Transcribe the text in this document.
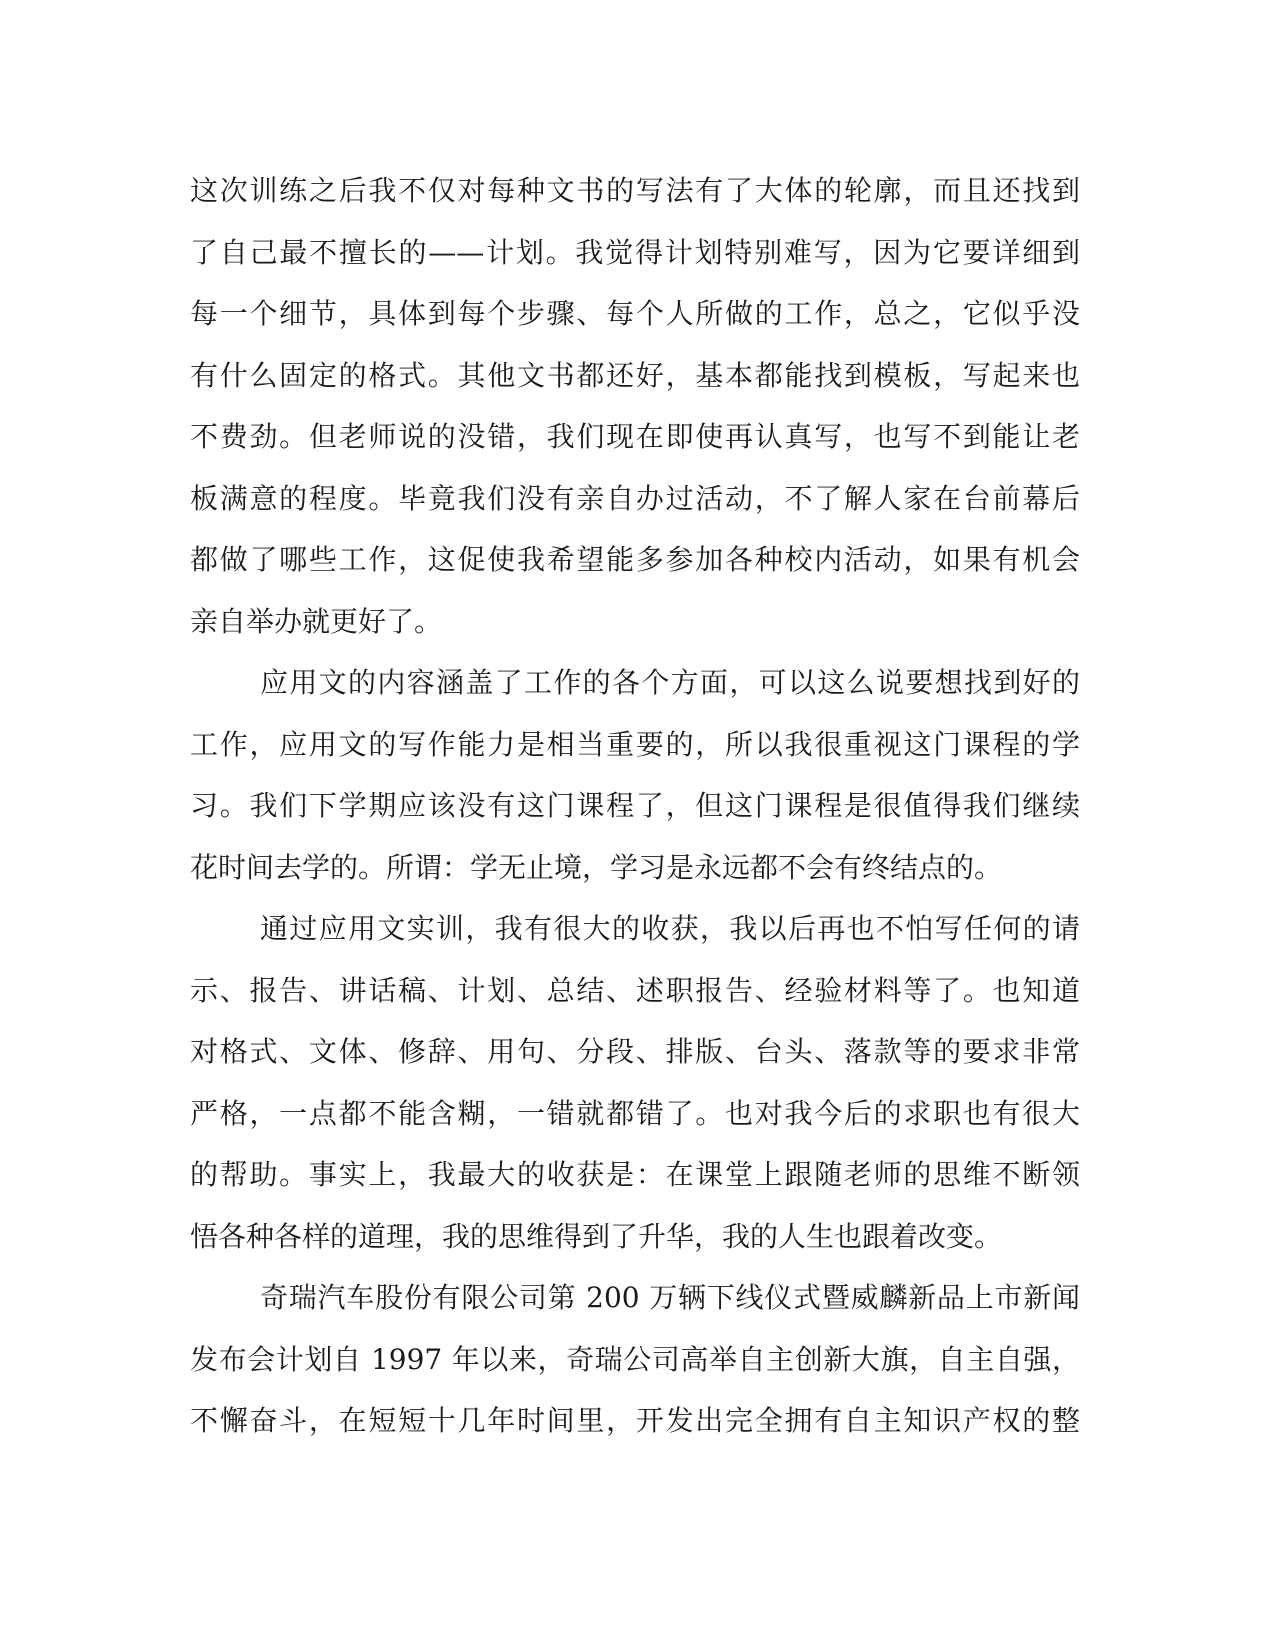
这次训练之后我不仅对每种文书的写法有了大体的轮廓，而且还找到
了自己最不擅长的——计划。我觉得计划特别难写，因为它要详细到
每一个细节，具体到每个步骤、每个人所做的工作，总之，它似乎没
有什么固定的格式。其他文书都还好，基本都能找到模板，写起来也
不费劲。但老师说的没错，我们现在即使再认真写，也写不到能让老
板满意的程度。毕竟我们没有亲自办过活动，不了解人家在台前幕后
都做了哪些工作，这促使我希望能多参加各种校内活动，如果有机会
亲自举办就更好了。
应用文的内容涵盖了工作的各个方面，可以这么说要想找到好的
工作，应用文的写作能力是相当重要的，所以我很重视这门课程的学
习。我们下学期应该没有这门课程了，但这门课程是很值得我们继续
花时间去学的。所谓：学无止境，学习是永远都不会有终结点的。
通过应用文实训，我有很大的收获，我以后再也不怕写任何的请
示、报告、讲话稿、计划、总结、述职报告、经验材料等了。也知道
对格式、文体、修辞、用句、分段、排版、台头、落款等的要求非常
严格，一点都不能含糊，一错就都错了。也对我今后的求职也有很大
的帮助。事实上，我最大的收获是：在课堂上跟随老师的思维不断领
悟各种各样的道理，我的思维得到了升华，我的人生也跟着改变。
奇瑞汽车股份有限公司第 200 万辆下线仪式暨威麟新品上市新闻
发布会计划自 1997 年以来，奇瑞公司高举自主创新大旗，自主自强，
不懈奋斗，在短短十几年时间里，开发出完全拥有自主知识产权的整
